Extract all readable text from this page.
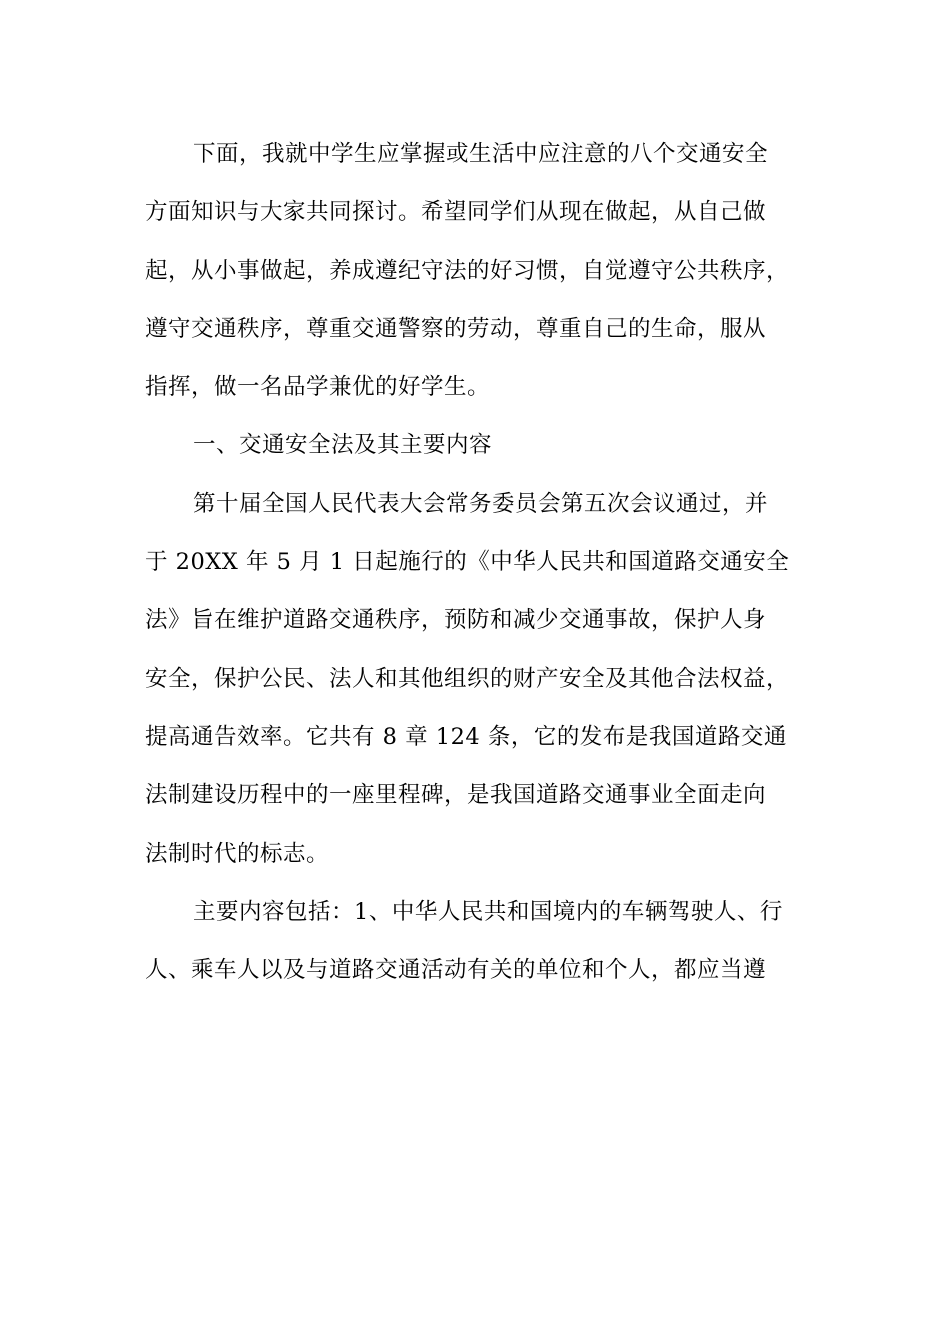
下面，我就中学生应掌握或生活中应注意的八个交通安全
方面知识与大家共同探讨。希望同学们从现在做起，从自己做
起，从小事做起，养成遵纪守法的好习惯，自觉遵守公共秩序，
遵守交通秩序，尊重交通警察的劳动，尊重自己的生命，服从
指挥，做一名品学兼优的好学生。
一、交通安全法及其主要内容
第十届全国人民代表大会常务委员会第五次会议通过，并
于 20XX 年 5 月 1 日起施行的《中华人民共和国道路交通安全
法》旨在维护道路交通秩序，预防和减少交通事故，保护人身
安全，保护公民、法人和其他组织的财产安全及其他合法权益，
提高通告效率。它共有 8 章 124 条，它的发布是我国道路交通
法制建设历程中的一座里程碑，是我国道路交通事业全面走向
法制时代的标志。
主要内容包括：1、中华人民共和国境内的车辆驾驶人、行
人、乘车人以及与道路交通活动有关的单位和个人，都应当遵
